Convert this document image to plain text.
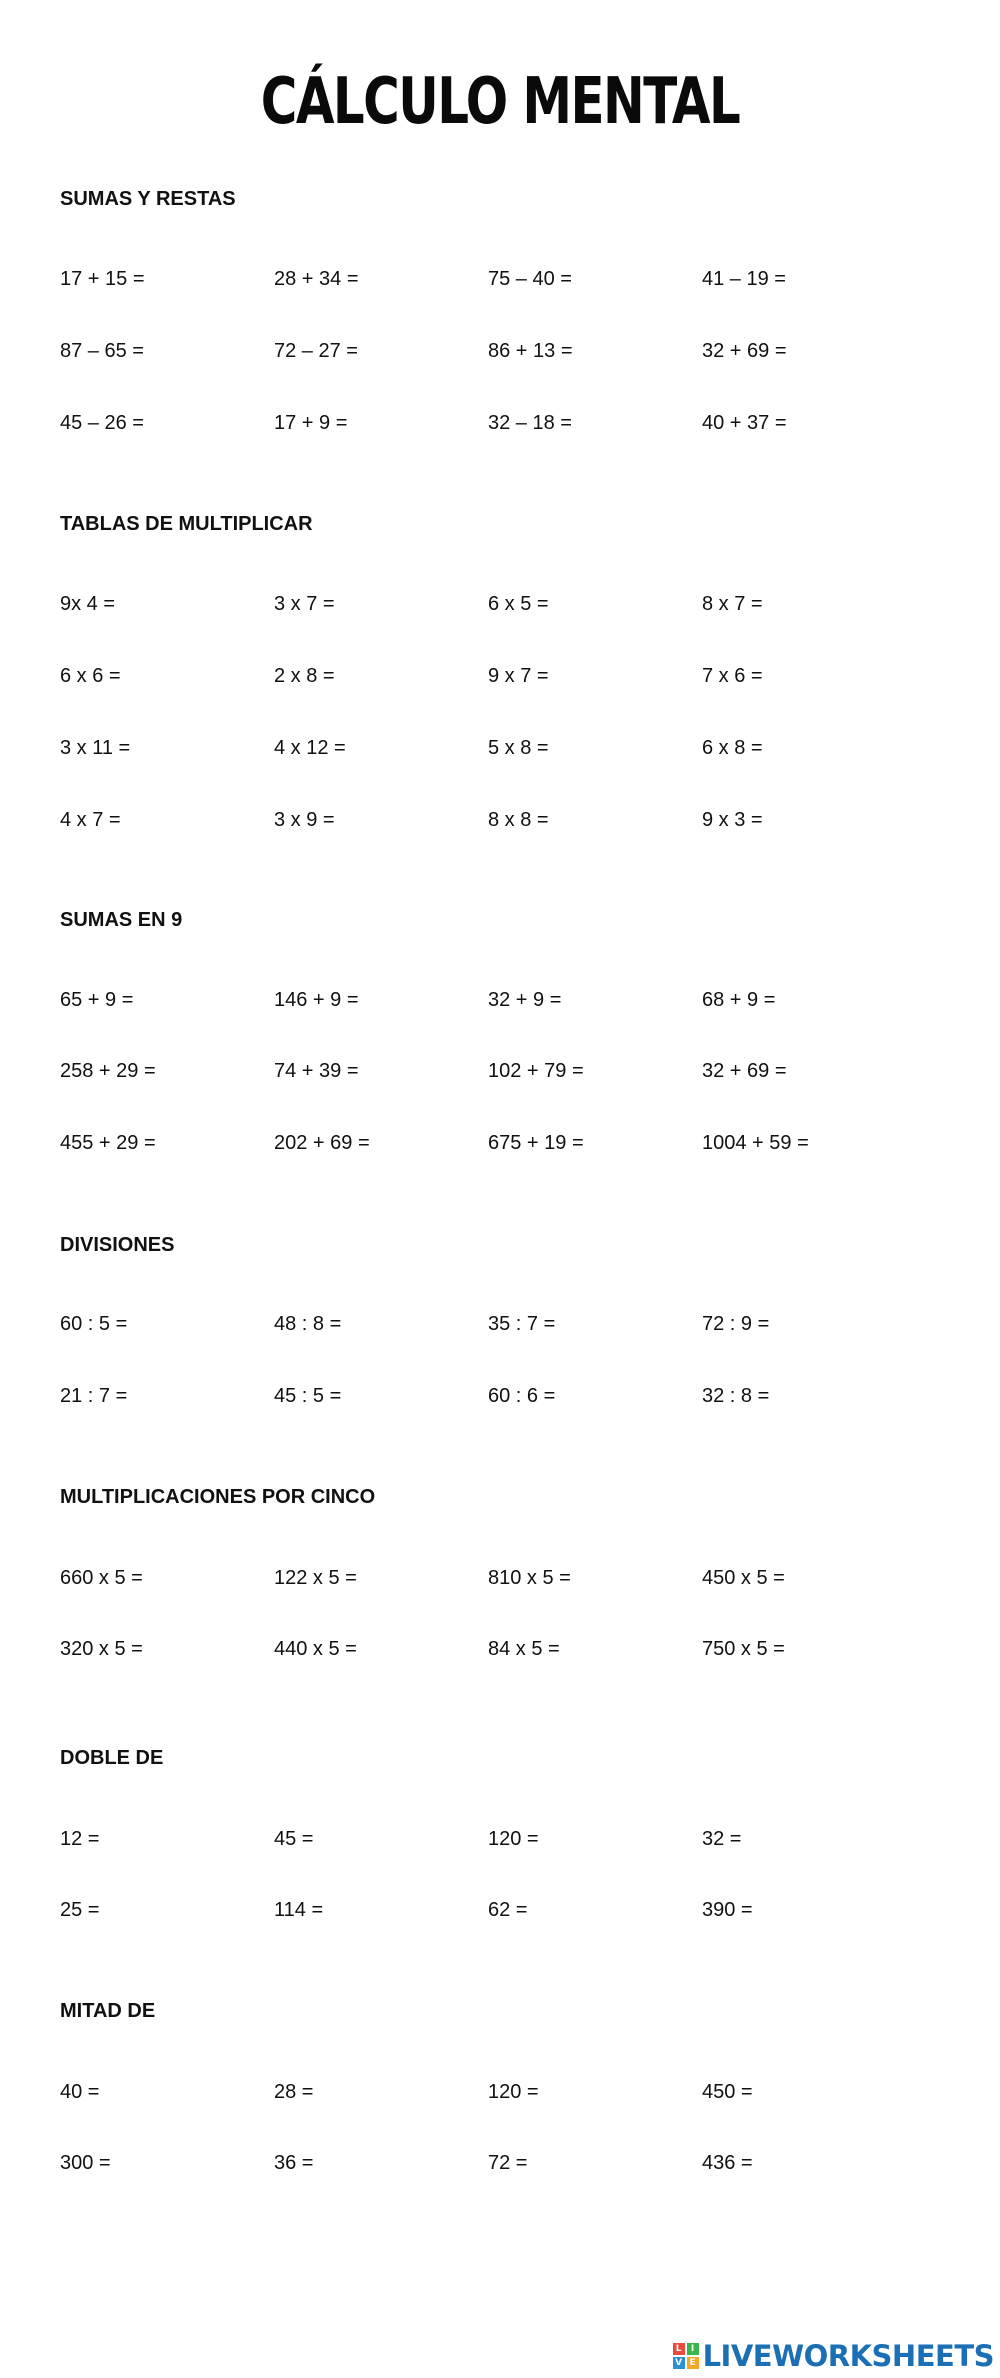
CÁLCULO MENTAL
SUMAS Y RESTAS
17 + 15 =	28 + 34 =	75 – 40 =	41 – 19 =
87 – 65 =	72 – 27 =	86 + 13 =	32 + 69 =
45 – 26 =	17 + 9 =	32 – 18 =	40 + 37 =
TABLAS DE MULTIPLICAR
9x 4 =	3 x 7 =	6 x 5 =	8 x 7 =
6 x 6 =	2 x 8 =	9 x 7 =	7 x 6 =
3 x 11 =	4 x 12 =	5 x 8 =	6 x 8 =
4 x 7 =	3 x 9 =	8 x 8 =	9 x 3 =
SUMAS EN 9
65 + 9 =	146 + 9 =	32 + 9 =	68 + 9 =
258 + 29 =	74 + 39 =	102 + 79 =	32 + 69 =
455 + 29 =	202 + 69 =	675 + 19 =	1004 + 59 =
DIVISIONES
60 : 5 =	48 : 8 =	35 : 7 =	72 : 9 =
21 : 7 =	45 : 5 =	60 : 6 =	32 : 8 =
MULTIPLICACIONES POR CINCO
660 x 5 =	122 x 5 =	810 x 5 =	450 x 5 =
320 x 5 =	440 x 5 =	84 x 5 =	750 x 5 =
DOBLE DE
12 =	45 =	120 =	32 =
25 =	114 =	62 =	390 =
MITAD DE
40 =	28 =	120 =	450 =
300 =	36 =	72 =	436 =
L	I
V E LIVEWORKSHEETS
